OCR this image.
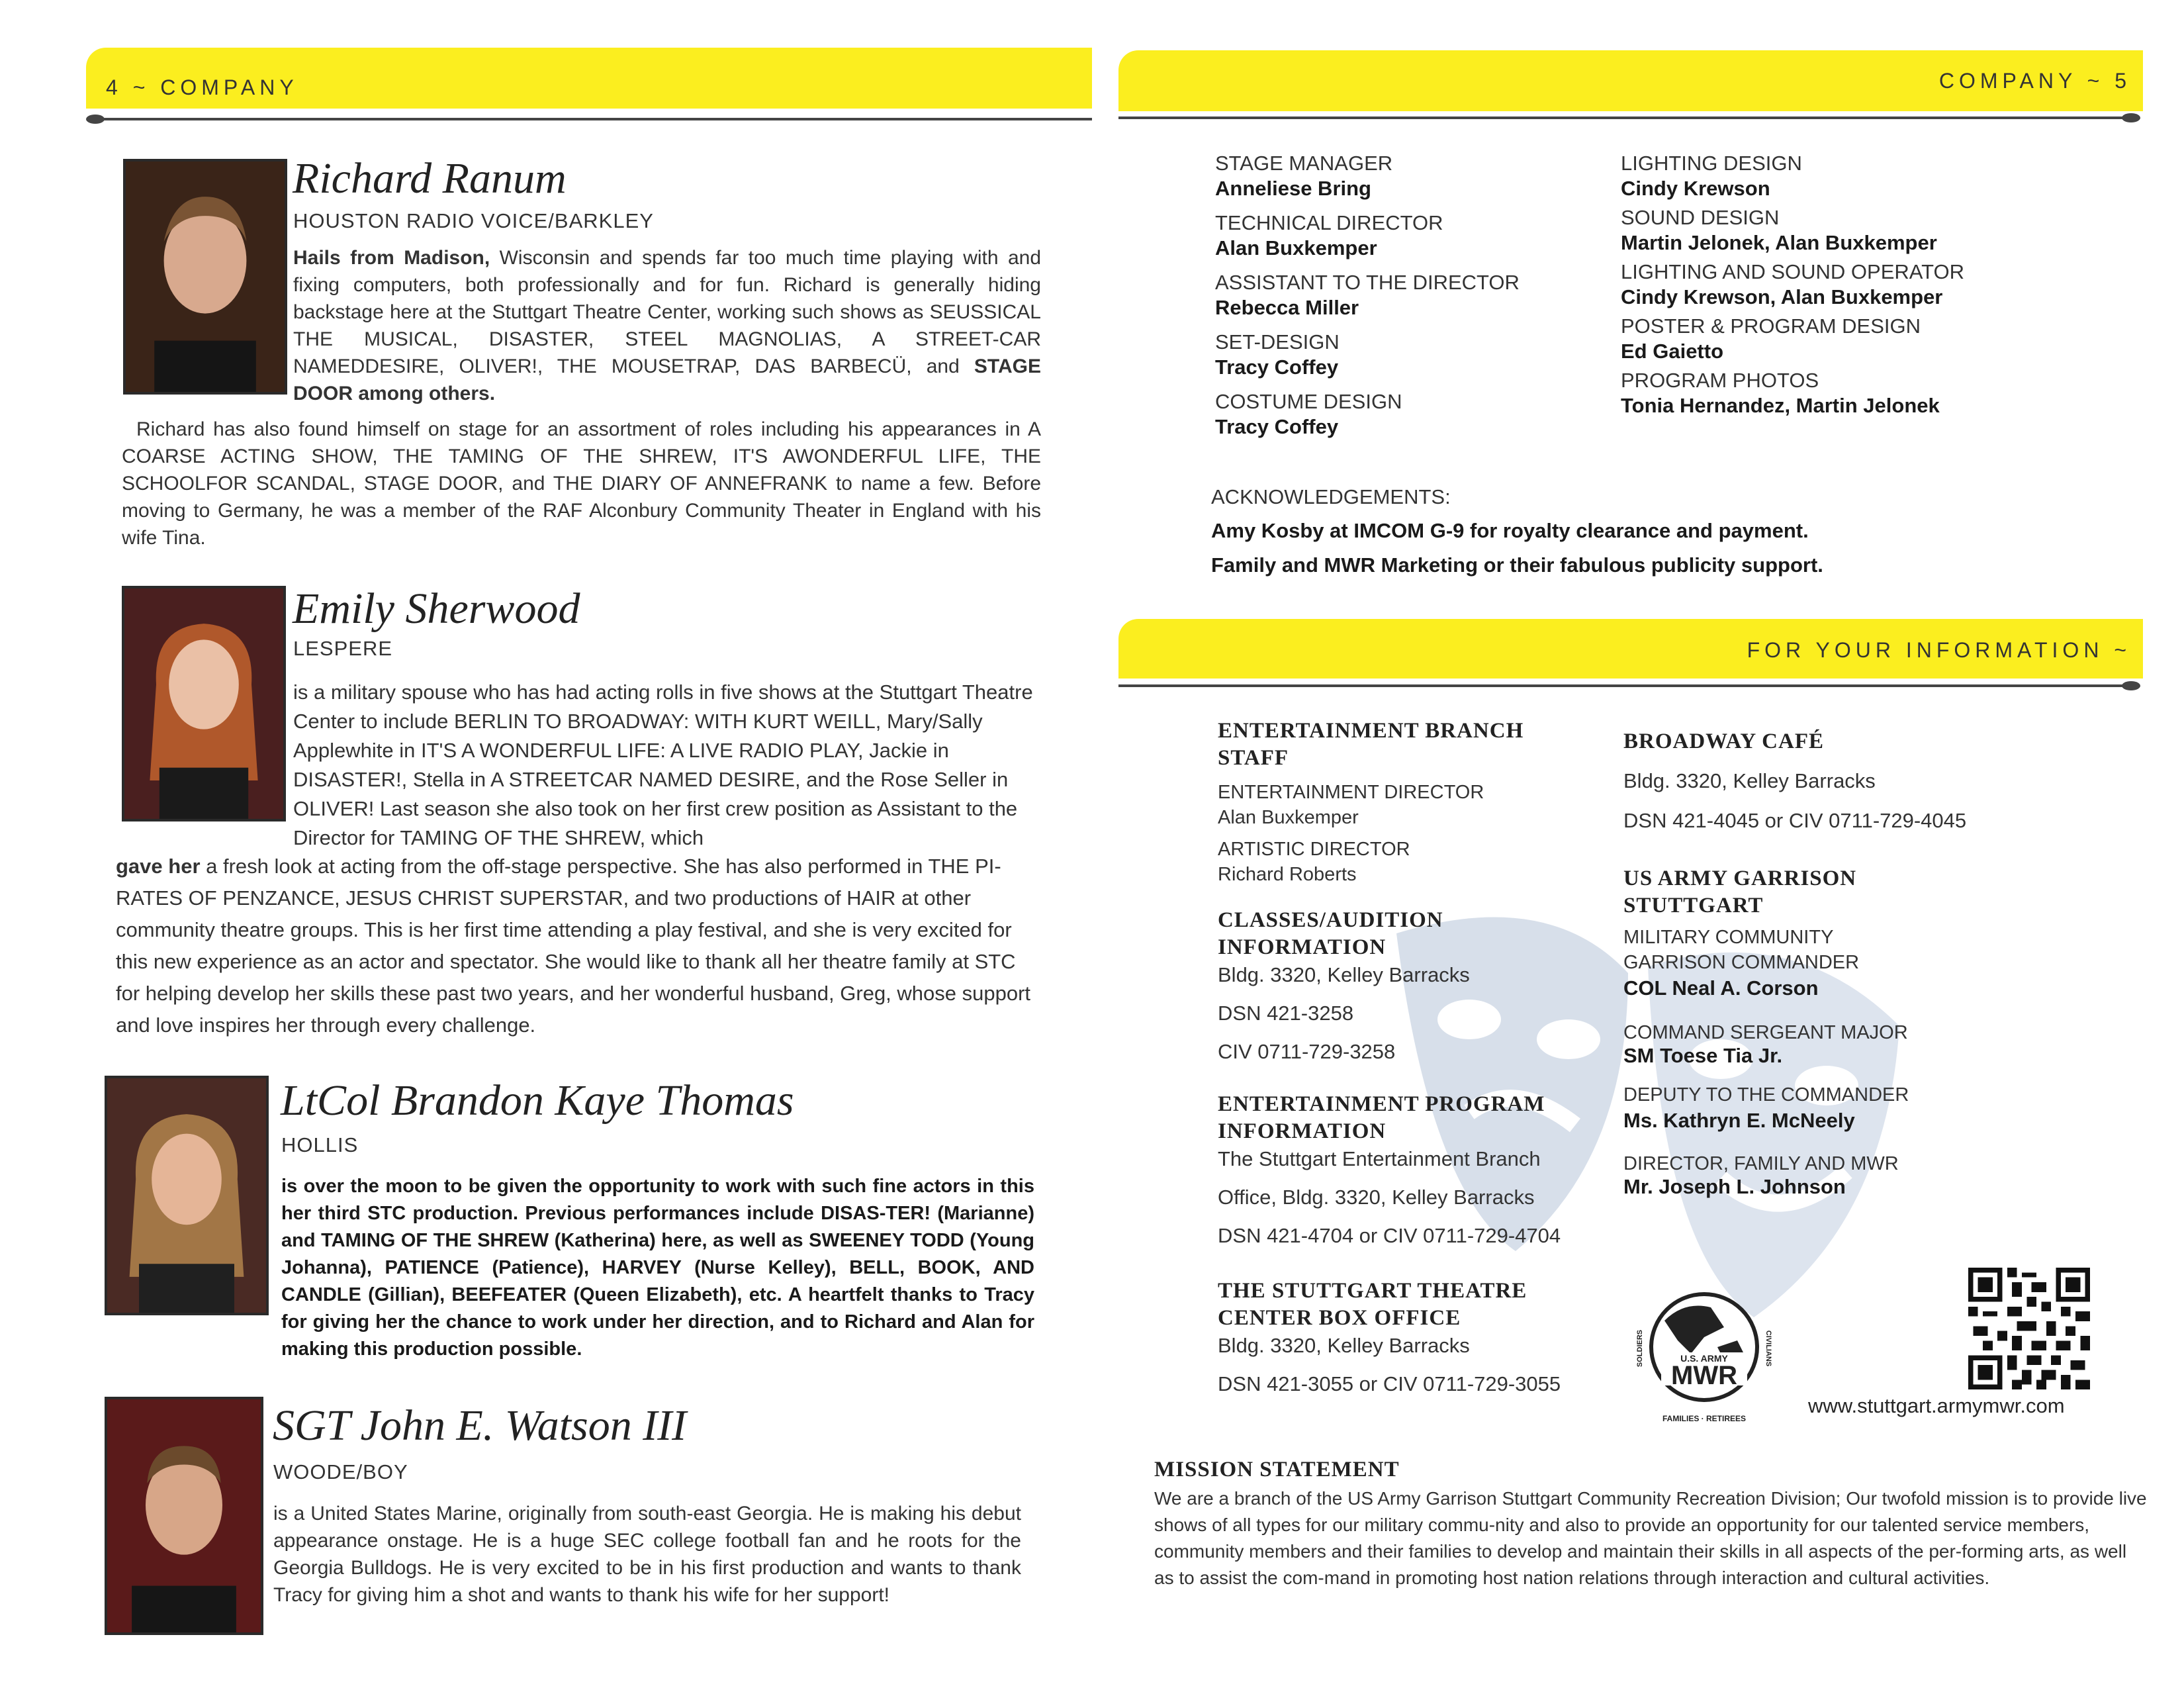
4 ~ COMPANY
Richard Ranum
HOUSTON RADIO VOICE/BARKLEY
Hails from Madison, Wisconsin and spends far too much time playing with and fixing computers, both professionally and for fun. Richard is generally hiding backstage here at the Stuttgart Theatre Center, working such shows as SEUSSICAL THE MUSICAL, DISASTER, STEEL MAGNOLIAS, A STREET-CAR NAMEDDESIRE, OLIVER!, THE MOUSETRAP, DAS BARBECÜ, and STAGE DOOR among others.
Richard has also found himself on stage for an assortment of roles including his appearances in A COARSE ACTING SHOW, THE TAMING OF THE SHREW, IT'S AWONDERFUL LIFE, THE SCHOOLFOR SCANDAL, STAGE DOOR, and THE DIARY OF ANNEFRANK to name a few. Before moving to Germany, he was a member of the RAF Alconbury Community Theater in England with his wife Tina.
Emily Sherwood
LESPERE
is a military spouse who has had acting rolls in five shows at the Stuttgart Theatre Center to include BERLIN TO BROADWAY: WITH KURT WEILL, Mary/Sally Applewhite in IT'S A WONDERFUL LIFE: A LIVE RADIO PLAY, Jackie in DISASTER!, Stella in A STREETCAR NAMED DESIRE, and the Rose Seller in OLIVER! Last season she also took on her first crew position as Assistant to the Director for TAMING OF THE SHREW, which
gave her a fresh look at acting from the off-stage perspective. She has also performed in THE PI-RATES OF PENZANCE, JESUS CHRIST SUPERSTAR, and two productions of HAIR at other community theatre groups. This is her first time attending a play festival, and she is very excited for this new experience as an actor and spectator. She would like to thank all her theatre family at STC for helping develop her skills these past two years, and her wonderful husband, Greg, whose support and love inspires her through every challenge.
LtCol Brandon Kaye Thomas
HOLLIS
is over the moon to be given the opportunity to work with such fine actors in this her third STC production. Previous performances include DISAS-TER! (Marianne) and TAMING OF THE SHREW (Katherina) here, as well as SWEENEY TODD (Young Johanna), PATIENCE (Patience), HARVEY (Nurse Kelley), BELL, BOOK, AND CANDLE (Gillian), BEEFEATER (Queen Elizabeth), etc. A heartfelt thanks to Tracy for giving her the chance to work under her direction, and to Richard and Alan for making this production possible.
SGT John E. Watson III
WOODE/BOY
is a United States Marine, originally from south-east Georgia. He is making his debut appearance onstage. He is a huge SEC college football fan and he roots for the Georgia Bulldogs. He is very excited to be in his first production and wants to thank Tracy for giving him a shot and wants to thank his wife for her support!
COMPANY ~ 5
STAGE MANAGER
Anneliese Bring
TECHNICAL DIRECTOR
Alan Buxkemper
ASSISTANT TO THE DIRECTOR
Rebecca Miller
SET-DESIGN
Tracy Coffey
COSTUME DESIGN
Tracy Coffey
LIGHTING DESIGN
Cindy Krewson
SOUND DESIGN
Martin Jelonek, Alan Buxkemper
LIGHTING AND SOUND OPERATOR
Cindy Krewson, Alan Buxkemper
POSTER & PROGRAM DESIGN
Ed Gaietto
PROGRAM PHOTOS
Tonia Hernandez, Martin Jelonek
ACKNOWLEDGEMENTS:
Amy Kosby at IMCOM G-9 for royalty clearance and payment.
Family and MWR Marketing or their fabulous publicity support.
FOR YOUR INFORMATION ~
ENTERTAINMENT BRANCH STAFF
ENTERTAINMENT DIRECTOR
Alan Buxkemper
ARTISTIC DIRECTOR
Richard Roberts
CLASSES/AUDITION INFORMATION
Bldg. 3320, Kelley Barracks
DSN 421-3258
CIV 0711-729-3258
ENTERTAINMENT PROGRAM INFORMATION
The Stuttgart Entertainment Branch
Office, Bldg. 3320, Kelley Barracks
DSN 421-4704 or CIV 0711-729-4704
THE STUTTGART THEATRE CENTER BOX OFFICE
Bldg. 3320, Kelley Barracks
DSN 421-3055 or CIV 0711-729-3055
BROADWAY CAFÉ
Bldg. 3320, Kelley Barracks
DSN 421-4045 or CIV 0711-729-4045
US ARMY GARRISON STUTTGART
MILITARY COMMUNITY
GARRISON COMMANDER
COL Neal A. Corson
COMMAND SERGEANT MAJOR
SM Toese Tia Jr.
DEPUTY TO THE COMMANDER
Ms. Kathryn E. McNeely
DIRECTOR, FAMILY AND MWR
Mr. Joseph L. Johnson
U.S. ARMY
MWR
SOLDIERS	CIVILIANS
FAMILIES · RETIREES
www.stuttgart.armymwr.com
MISSION STATEMENT
We are a branch of the US Army Garrison Stuttgart Community Recreation Division; Our twofold mission is to provide live shows of all types for our military commu-nity and also to provide an opportunity for our talented service members, community members and their families to develop and maintain their skills in all aspects of the per-forming arts, as well as to assist the com-mand in promoting host nation relations through interaction and cultural activities.
